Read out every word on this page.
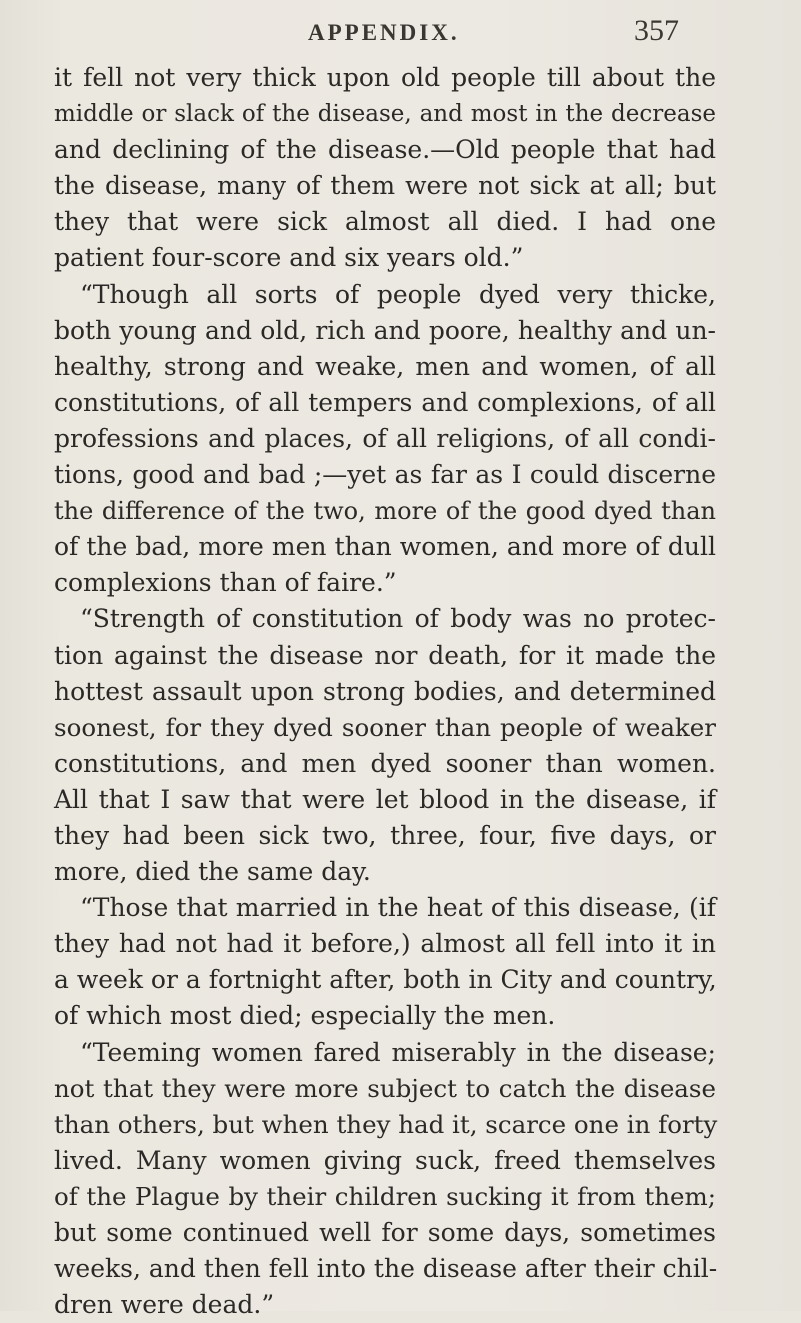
APPENDIX.	357
it fell not very thick upon old people till about the
middle or slack of the disease, and most in the decrease
and declining of the disease.—Old people that had
the disease, many of them were not sick at all; but
they that were sick almost all died. I had one
patient four-score and six years old.”
“Though all sorts of people dyed very thicke,
both young and old, rich and poore, healthy and un-
healthy, strong and weake, men and women, of all
constitutions, of all tempers and complexions, of all
professions and places, of all religions, of all condi-
tions, good and bad ;—yet as far as I could discerne
the difference of the two, more of the good dyed than
of the bad, more men than women, and more of dull
complexions than of faire.”
“Strength of constitution of body was no protec-
tion against the disease nor death, for it made the
hottest assault upon strong bodies, and determined
soonest, for they dyed sooner than people of weaker
constitutions, and men dyed sooner than women.
All that I saw that were let blood in the disease, if
they had been sick two, three, four, five days, or
more, died the same day.
“Those that married in the heat of this disease, (if
they had not had it before,) almost all fell into it in
a week or a fortnight after, both in City and country,
of which most died; especially the men.
“Teeming women fared miserably in the disease;
not that they were more subject to catch the disease
than others, but when they had it, scarce one in forty
lived. Many women giving suck, freed themselves
of the Plague by their children sucking it from them;
but some continued well for some days, sometimes
weeks, and then fell into the disease after their chil-
dren were dead.”
